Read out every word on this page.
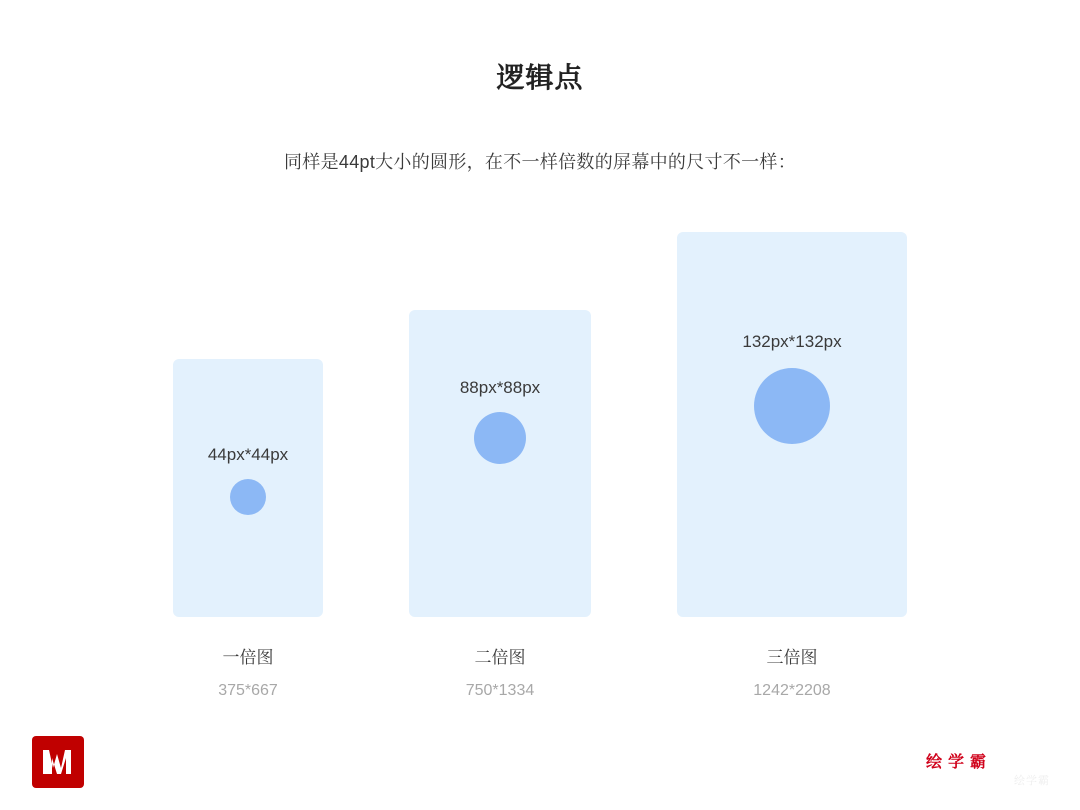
逻辑点
同样是44pt大小的圆形，在不一样倍数的屏幕中的尺寸不一样：
44px*44px
一倍图
375*667
88px*88px
二倍图
750*1334
132px*132px
三倍图
1242*2208
绘学霸
绘学霸
